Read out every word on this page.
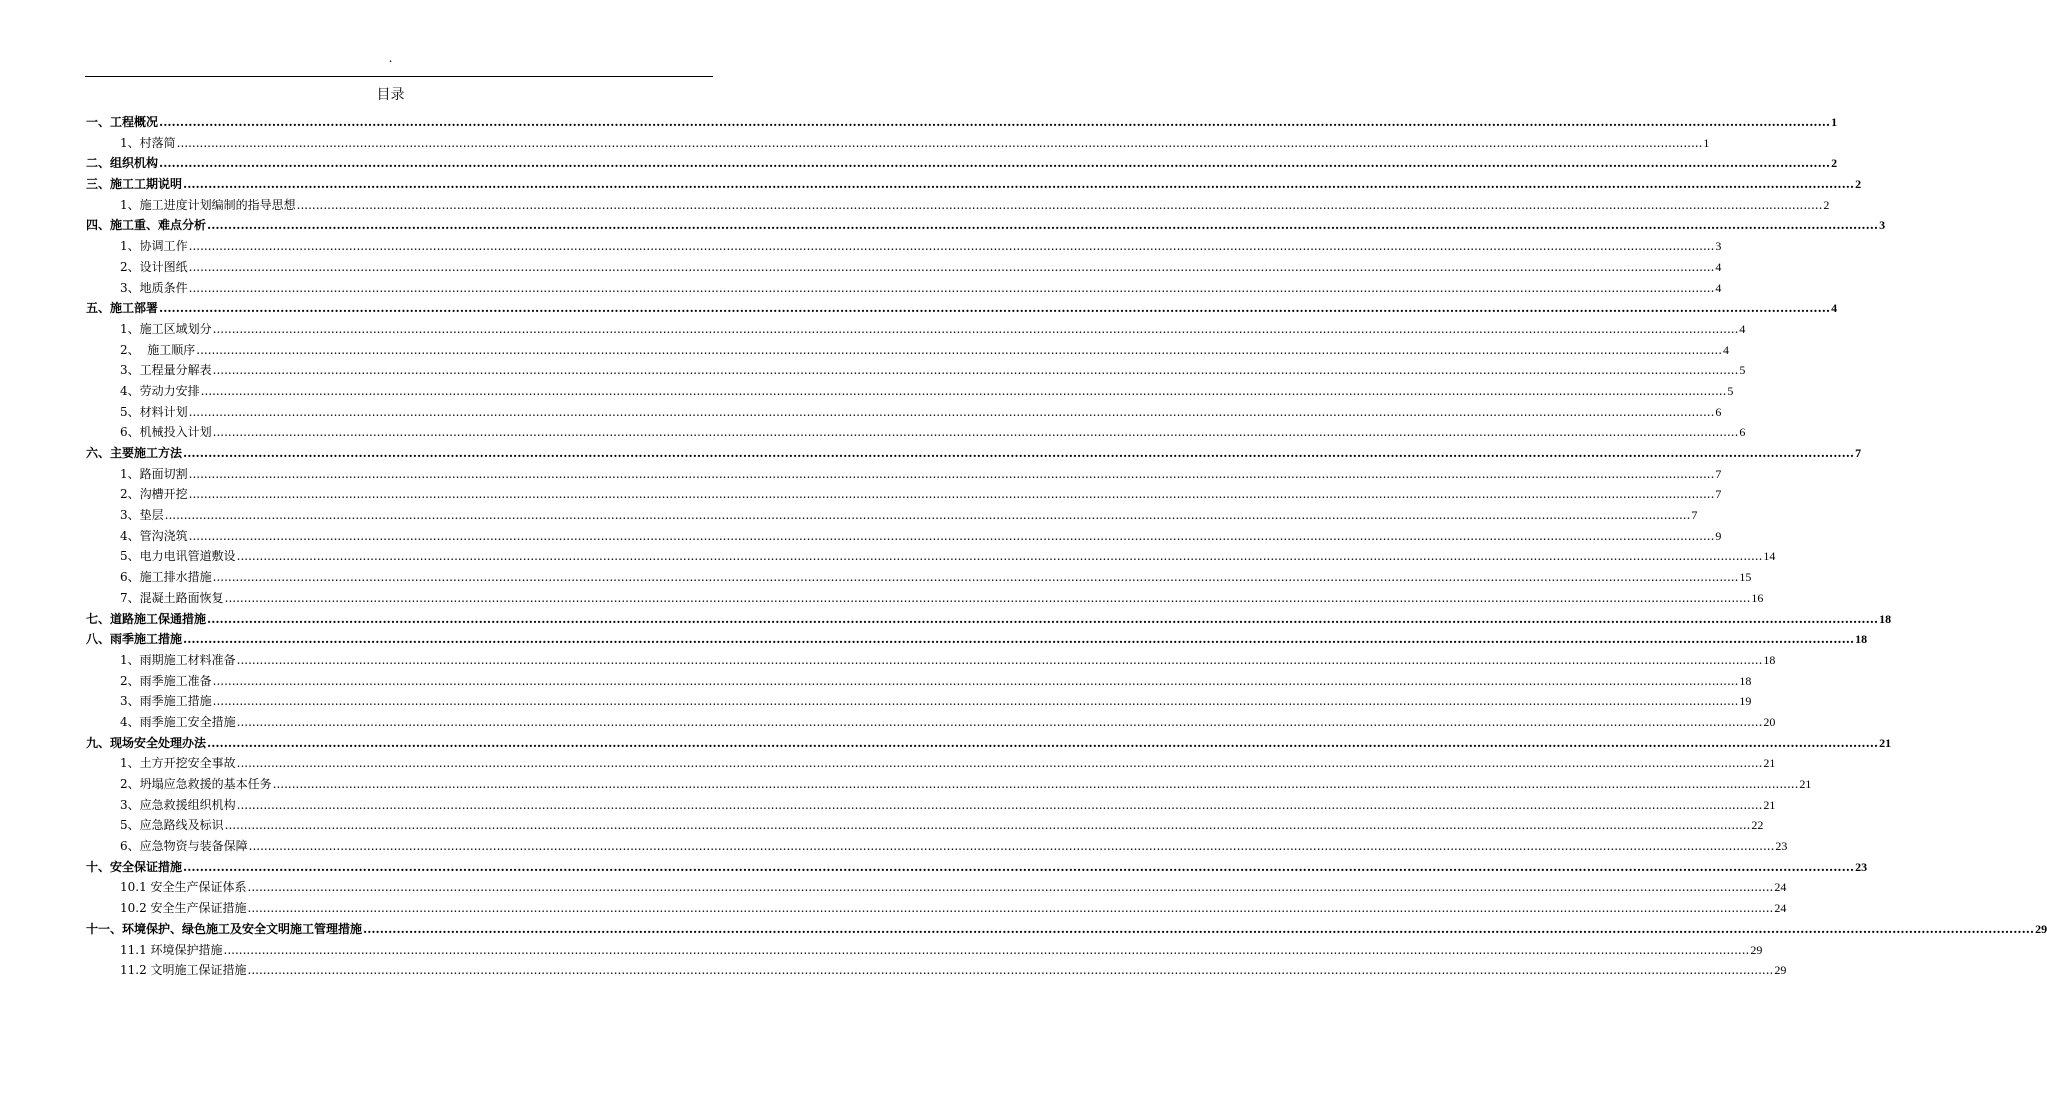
.
目录
一、工程概况 ................................................................................................................................................................................................................................................................................................................................................................................................................ 1
1、村落简 ................................................................................................................................................................................................................................................................................................................................................................................................................ 1
二、组织机构 ................................................................................................................................................................................................................................................................................................................................................................................................................ 2
三、施工工期说明 ................................................................................................................................................................................................................................................................................................................................................................................................................ 2
1、施工进度计划编制的指导思想 ................................................................................................................................................................................................................................................................................................................................................................................................................ 2
四、施工重、难点分析 ................................................................................................................................................................................................................................................................................................................................................................................................................ 3
1、协调工作 ................................................................................................................................................................................................................................................................................................................................................................................................................ 3
2、设计图纸 ................................................................................................................................................................................................................................................................................................................................................................................................................ 4
3、地质条件 ................................................................................................................................................................................................................................................................................................................................................................................................................ 4
五、施工部署 ................................................................................................................................................................................................................................................................................................................................................................................................................ 4
1、施工区域划分 ................................................................................................................................................................................................................................................................................................................................................................................................................ 4
2、  施工顺序 ................................................................................................................................................................................................................................................................................................................................................................................................................ 4
3、工程量分解表 ................................................................................................................................................................................................................................................................................................................................................................................................................ 5
4、劳动力安排 ................................................................................................................................................................................................................................................................................................................................................................................................................ 5
5、材料计划 ................................................................................................................................................................................................................................................................................................................................................................................................................ 6
6、机械投入计划 ................................................................................................................................................................................................................................................................................................................................................................................................................ 6
六、主要施工方法 ................................................................................................................................................................................................................................................................................................................................................................................................................ 7
1、路面切割 ................................................................................................................................................................................................................................................................................................................................................................................................................ 7
2、沟槽开挖 ................................................................................................................................................................................................................................................................................................................................................................................................................ 7
3、垫层 ................................................................................................................................................................................................................................................................................................................................................................................................................ 7
4、管沟浇筑 ................................................................................................................................................................................................................................................................................................................................................................................................................ 9
5、电力电讯管道敷设 ................................................................................................................................................................................................................................................................................................................................................................................................................ 14
6、施工排水措施 ................................................................................................................................................................................................................................................................................................................................................................................................................ 15
7、混凝土路面恢复 ................................................................................................................................................................................................................................................................................................................................................................................................................ 16
七、道路施工保通措施 ................................................................................................................................................................................................................................................................................................................................................................................................................ 18
八、雨季施工措施 ................................................................................................................................................................................................................................................................................................................................................................................................................ 18
1、雨期施工材料准备 ................................................................................................................................................................................................................................................................................................................................................................................................................ 18
2、雨季施工准备 ................................................................................................................................................................................................................................................................................................................................................................................................................ 18
3、雨季施工措施 ................................................................................................................................................................................................................................................................................................................................................................................................................ 19
4、雨季施工安全措施 ................................................................................................................................................................................................................................................................................................................................................................................................................ 20
九、现场安全处理办法 ................................................................................................................................................................................................................................................................................................................................................................................................................ 21
1、土方开挖安全事故 ................................................................................................................................................................................................................................................................................................................................................................................................................ 21
2、坍塌应急救援的基本任务 ................................................................................................................................................................................................................................................................................................................................................................................................................ 21
3、应急救援组织机构 ................................................................................................................................................................................................................................................................................................................................................................................................................ 21
5、应急路线及标识 ................................................................................................................................................................................................................................................................................................................................................................................................................ 22
6、应急物资与装备保障 ................................................................................................................................................................................................................................................................................................................................................................................................................ 23
十、安全保证措施 ................................................................................................................................................................................................................................................................................................................................................................................................................ 23
10.1 安全生产保证体系 ................................................................................................................................................................................................................................................................................................................................................................................................................ 24
10.2 安全生产保证措施 ................................................................................................................................................................................................................................................................................................................................................................................................................ 24
十一、环境保护、绿色施工及安全文明施工管理措施 ................................................................................................................................................................................................................................................................................................................................................................................................................ 29
11.1 环境保护措施 ................................................................................................................................................................................................................................................................................................................................................................................................................ 29
11.2 文明施工保证措施 ................................................................................................................................................................................................................................................................................................................................................................................................................ 29
